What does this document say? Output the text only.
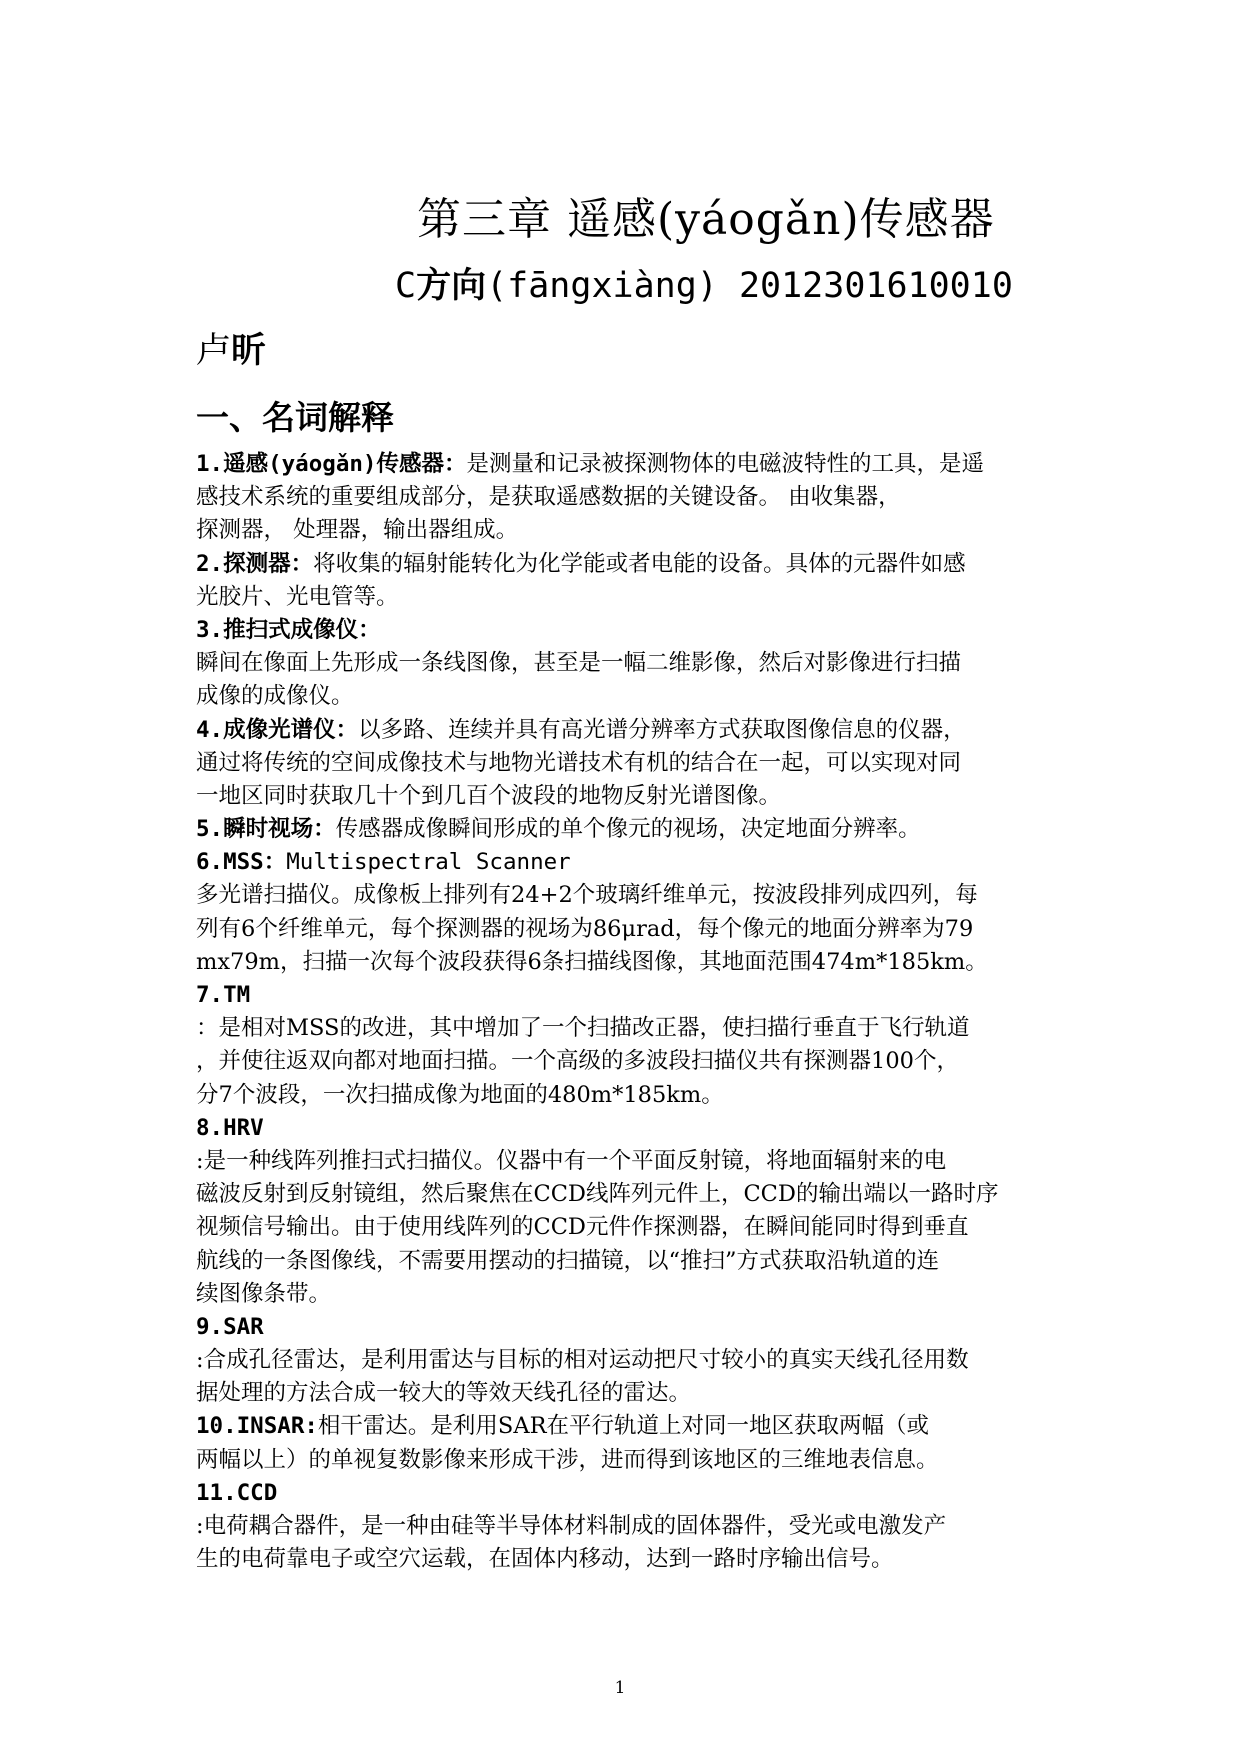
第三章 遥感(yáogǎn)传感器
C方向(fāngxiàng) 2012301610010
卢昕
一、名词解释
1.遥感(yáogǎn)传感器：是测量和记录被探测物体的电磁波特性的工具，是遥
感技术系统的重要组成部分，是获取遥感数据的关键设备。 由收集器，
探测器， 处理器，输出器组成。
2.探测器：将收集的辐射能转化为化学能或者电能的设备。具体的元器件如感
光胶片、光电管等。
3.推扫式成像仪：
瞬间在像面上先形成一条线图像，甚至是一幅二维影像，然后对影像进行扫描
成像的成像仪。
4.成像光谱仪：以多路、连续并具有高光谱分辨率方式获取图像信息的仪器，
通过将传统的空间成像技术与地物光谱技术有机的结合在一起，可以实现对同
一地区同时获取几十个到几百个波段的地物反射光谱图像。
5.瞬时视场：传感器成像瞬间形成的单个像元的视场，决定地面分辨率。
6.MSS：Multispectral Scanner
多光谱扫描仪。成像板上排列有24+2个玻璃纤维单元，按波段排列成四列，每
列有6个纤维单元，每个探测器的视场为86μrad，每个像元的地面分辨率为79
mx79m，扫描一次每个波段获得6条扫描线图像，其地面范围474m*185km。
7.TM
：是相对MSS的改进，其中增加了一个扫描改正器，使扫描行垂直于飞行轨道
，并使往返双向都对地面扫描。一个高级的多波段扫描仪共有探测器100个，
分7个波段，一次扫描成像为地面的480m*185km。
8.HRV
:是一种线阵列推扫式扫描仪。仪器中有一个平面反射镜，将地面辐射来的电
磁波反射到反射镜组，然后聚焦在CCD线阵列元件上，CCD的输出端以一路时序
视频信号输出。由于使用线阵列的CCD元件作探测器，在瞬间能同时得到垂直
航线的一条图像线，不需要用摆动的扫描镜，以“推扫”方式获取沿轨道的连
续图像条带。
9.SAR
:合成孔径雷达，是利用雷达与目标的相对运动把尺寸较小的真实天线孔径用数
据处理的方法合成一较大的等效天线孔径的雷达。
10.INSAR:相干雷达。是利用SAR在平行轨道上对同一地区获取两幅（或
两幅以上）的单视复数影像来形成干涉，进而得到该地区的三维地表信息。
11.CCD
:电荷耦合器件，是一种由硅等半导体材料制成的固体器件，受光或电激发产
生的电荷靠电子或空穴运载，在固体内移动，达到一路时序输出信号。
1
